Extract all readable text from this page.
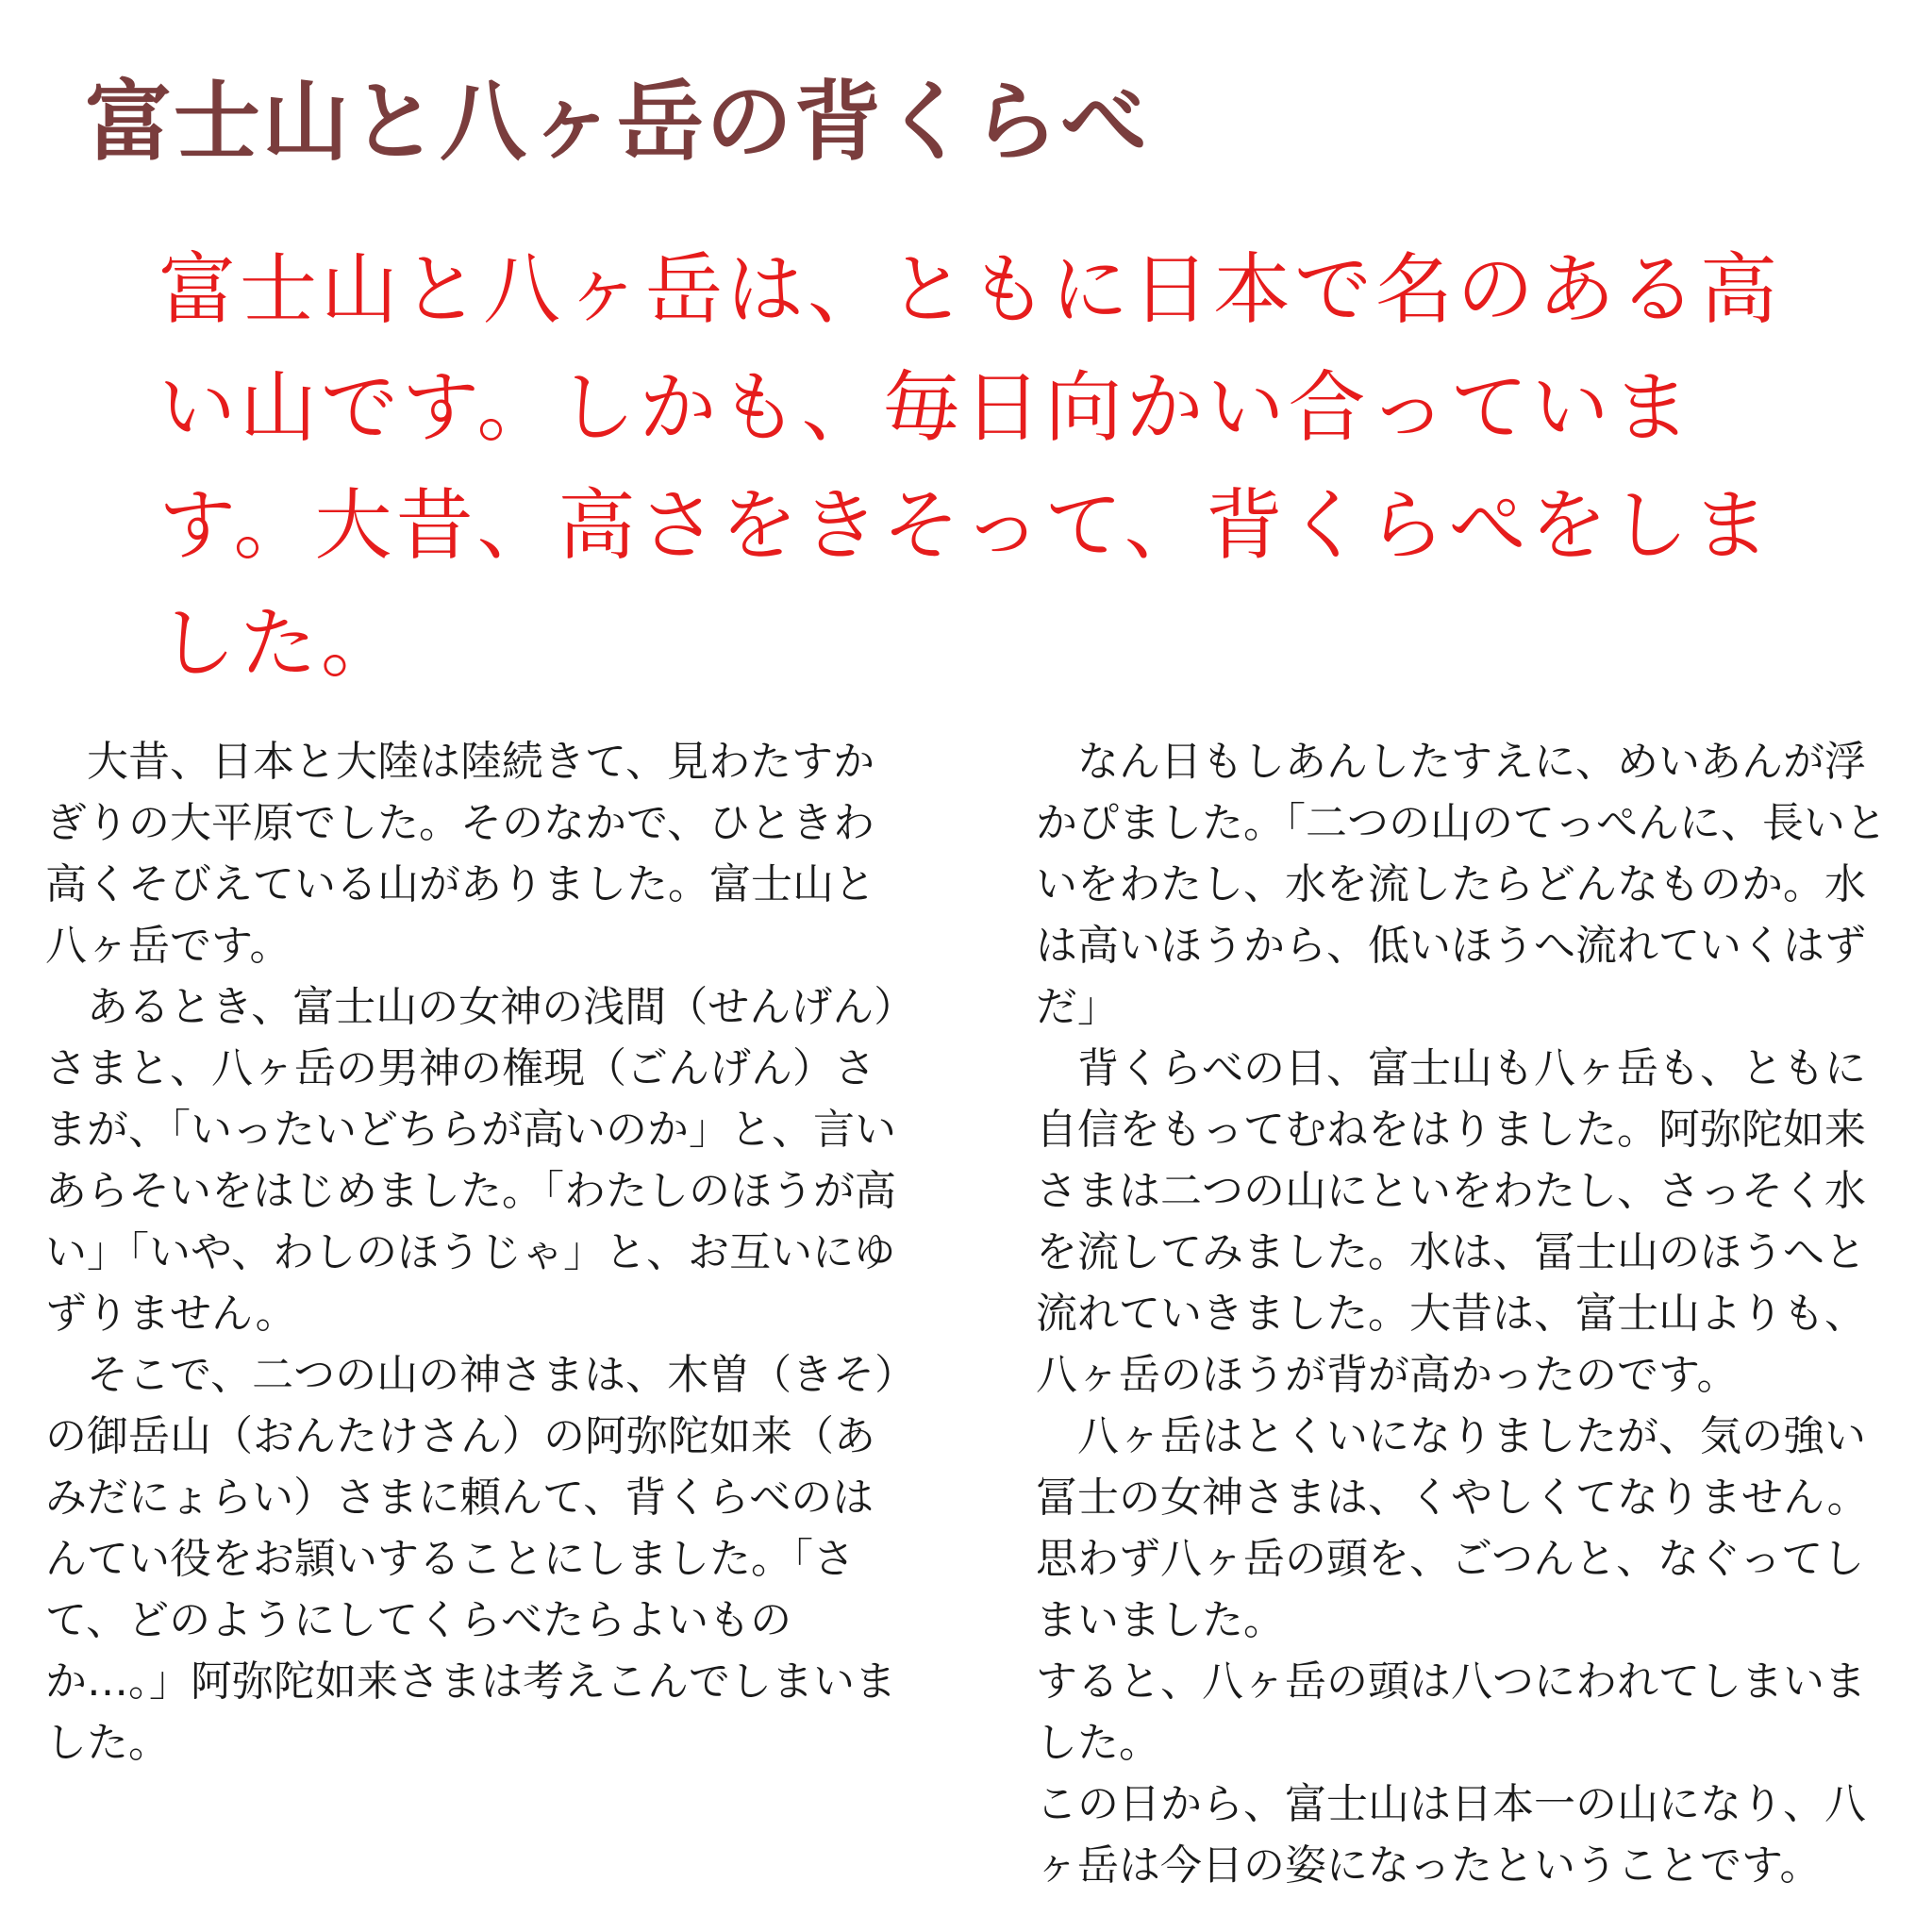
富士山と八ヶ岳の背くらべ
富士山と八ヶ岳は、ともに日本で名のある高
い山です。しかも、毎日向かい合っていま
す。大昔、高さをきそって、背くらぺをしま
した。
　大昔、日本と大陸は陸続きて、見わたすか
ぎりの大平原でした。そのなかで、ひときわ
高くそびえている山がありました。富士山と
八ヶ岳です。
　あるとき、富士山の女神の浅間（せんげん）
さまと、八ヶ岳の男神の権現（ごんげん）さ
まが、「いったいどちらが高いのか」と、言い
あらそいをはじめました。「わたしのほうが高
い」「いや、わしのほうじゃ」と、お互いにゆ
ずりません。
　そこで、二つの山の神さまは、木曽（きそ）
の御岳山（おんたけさん）の阿弥陀如来（あ
みだにょらい）さまに頼んて、背くらべのは
んてい役をお頴いすることにしました。「さ
て、どのようにしてくらべたらよいもの
か…。」阿弥陀如来さまは考えこんでしまいま
した。
　なん日もしあんしたすえに、めいあんが浮
かぴました。「二つの山のてっぺんに、長いと
いをわたし、水を流したらどんなものか。水
は高いほうから、低いほうへ流れていくはず
だ」
　背くらべの日、富士山も八ヶ岳も、ともに
自信をもってむねをはりました。阿弥陀如来
さまは二つの山にといをわたし、さっそく水
を流してみました。水は、冨士山のほうへと
流れていきました。大昔は、富士山よりも、
八ヶ岳のほうが背が高かったのです。
　八ヶ岳はとくいになりましたが、気の強い
冨士の女神さまは、くやしくてなりません。
思わず八ヶ岳の頭を、ごつんと、なぐってし
まいました。
すると、八ヶ岳の頭は八つにわれてしまいま
した。
この日から、富士山は日本一の山になり、八
ヶ岳は今日の姿になったということです。
